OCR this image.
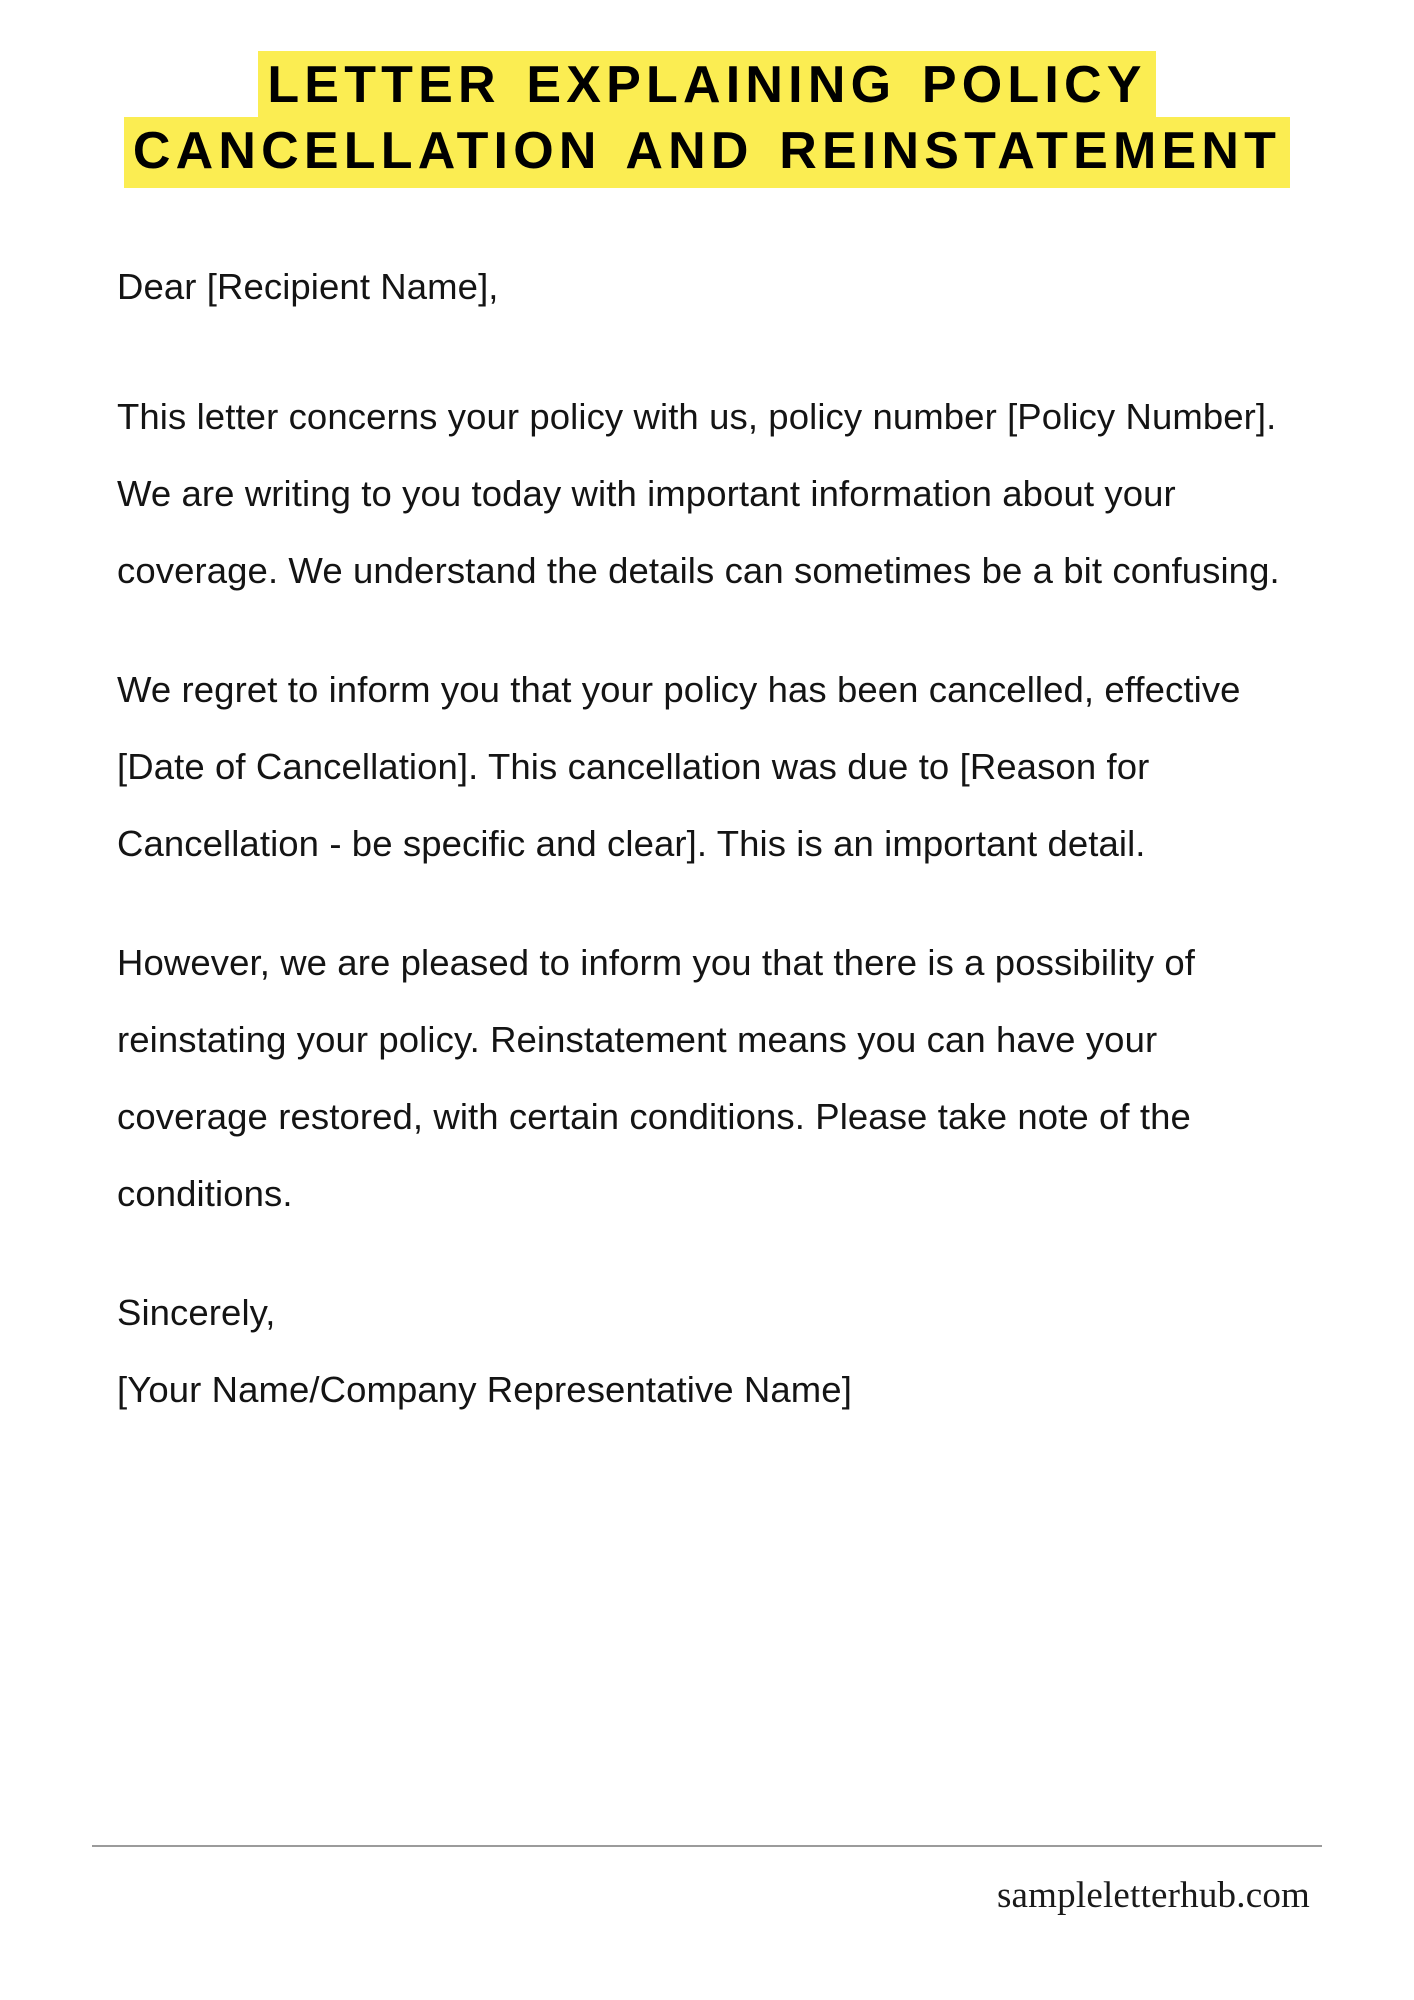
LETTER EXPLAINING POLICY
CANCELLATION AND REINSTATEMENT

Dear [Recipient Name],

This letter concerns your policy with us, policy number [Policy Number]. We are writing to you today with important information about your coverage. We understand the details can sometimes be a bit confusing.

We regret to inform you that your policy has been cancelled, effective [Date of Cancellation]. This cancellation was due to [Reason for Cancellation - be specific and clear]. This is an important detail.

However, we are pleased to inform you that there is a possibility of reinstating your policy. Reinstatement means you can have your coverage restored, with certain conditions. Please take note of the conditions.

Sincerely,

[Your Name/Company Representative Name]

sampleletterhub.com
